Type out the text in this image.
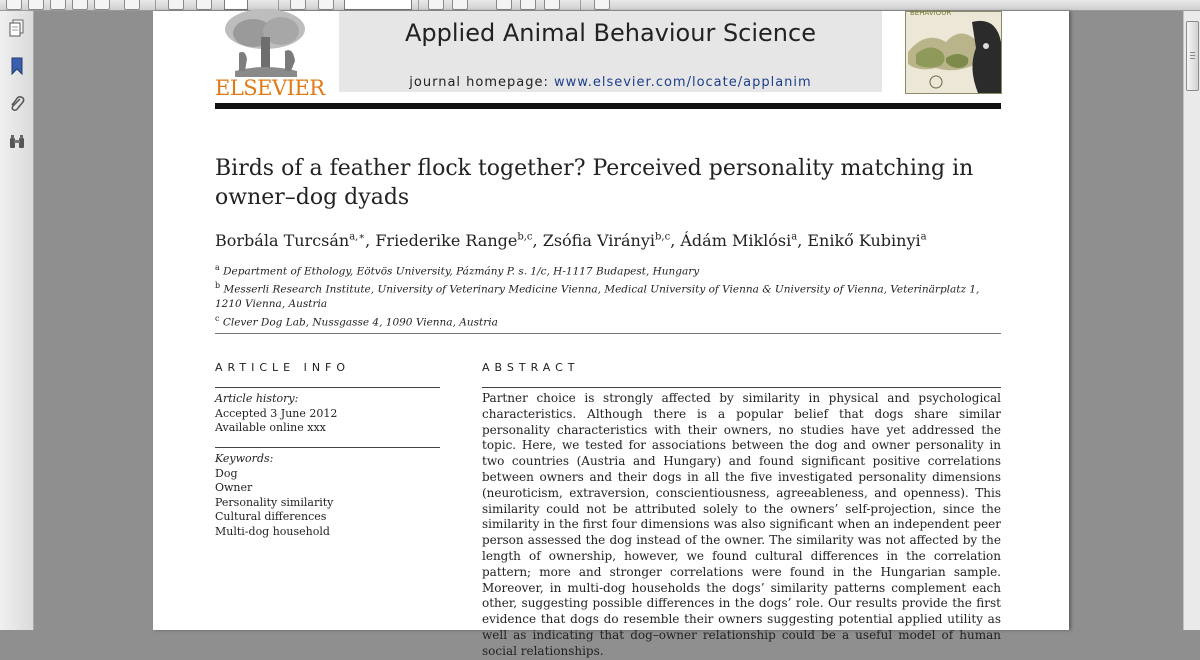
ELSEVIER
Applied Animal Behaviour Science
journal homepage: www.elsevier.com/locate/applanim
BEHAVIOUR
Birds of a feather flock together? Perceived personality matching in owner–dog dyads
Borbála Turcsán$^{a,∗}$, Friederike Range$^{b,c}$, Zsófia Virányi$^{b,c}$, Ádám Miklósi$^a$, Enikő Kubinyi$^a$
$^a$ Department of Ethology, Eötvös University, Pázmány P. s. 1/c, H-1117 Budapest, Hungary
$^b$ Messerli Research Institute, University of Veterinary Medicine Vienna, Medical University of Vienna & University of Vienna, Veterinärplatz 1, 1210 Vienna, Austria
$^c$ Clever Dog Lab, Nussgasse 4, 1090 Vienna, Austria
ARTICLE INFO	ABSTRACT
Article history:
Accepted 3 June 2012
Available online xxx
Keywords:
Dog
Owner
Personality similarity
Cultural differences
Multi-dog household
Partner choice is strongly affected by similarity in physical and psychological characteristics. Although there is a popular belief that dogs share similar personality characteristics with their owners, no studies have yet addressed the topic. Here, we tested for associations between the dog and owner personality in two countries (Austria and Hungary) and found significant positive correlations between owners and their dogs in all the five investigated personality dimensions (neuroticism, extraversion, conscientiousness, agreeableness, and openness). This similarity could not be attributed solely to the owners’ self-projection, since the similarity in the first four dimensions was also significant when an independent peer person assessed the dog instead of the owner. The similarity was not affected by the length of ownership, however, we found cultural differences in the correlation pattern; more and stronger correlations were found in the Hungarian sample. Moreover, in multi-dog households the dogs’ similarity patterns complement each other, suggesting possible differences in the dogs’ role. Our results provide the first evidence that dogs do resemble their owners suggesting potential applied utility as well as indicating that dog–owner relationship could be a useful model of human social relationships.
